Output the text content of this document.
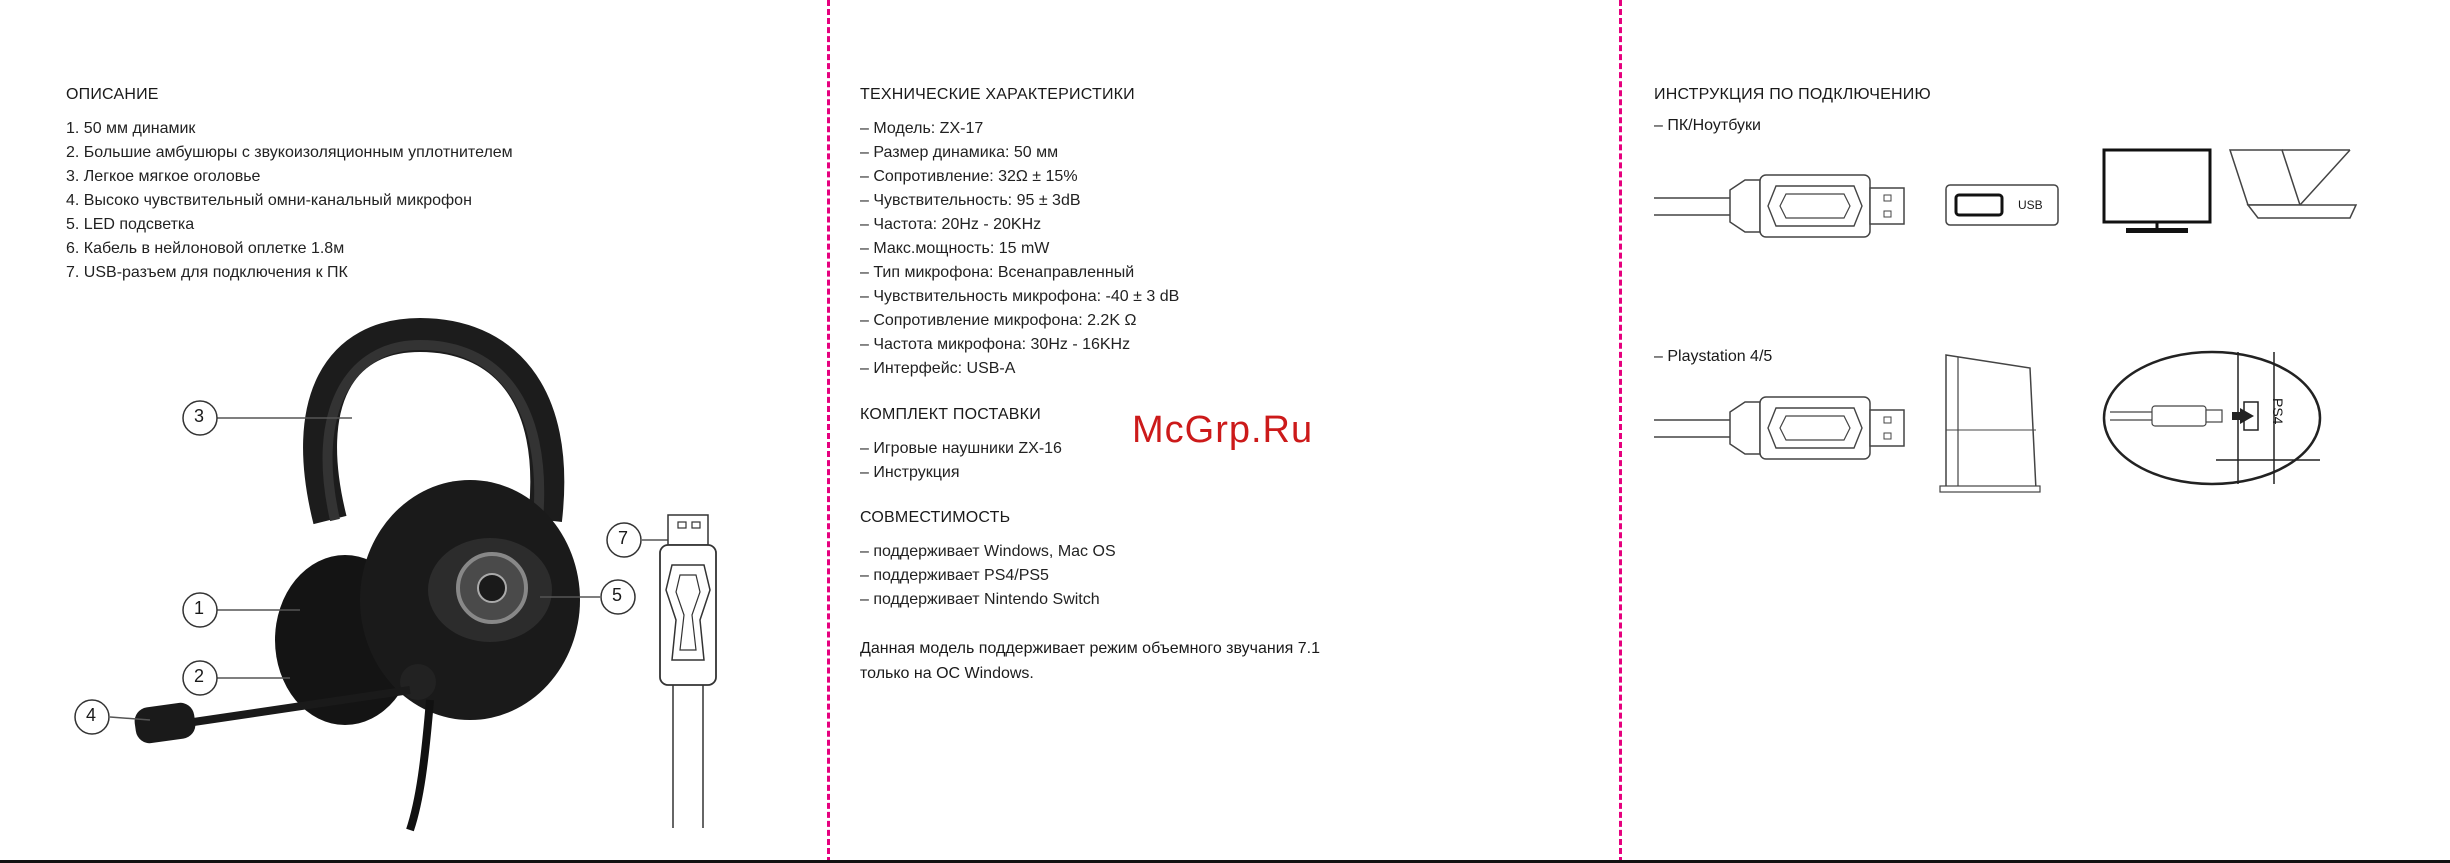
ОПИСАНИЕ
1. 50 мм динамик
2. Большие амбушюры с звукоизоляционным уплотнителем
3. Легкое мягкое оголовье
4. Высоко чувствительный омни-канальный микрофон
5. LED подсветка
6. Кабель в нейлоновой оплетке 1.8м
7. USB-разъем для подключения к ПК
3
1
2
4
7
5
ТЕХНИЧЕСКИЕ ХАРАКТЕРИСТИКИ
– Модель: ZX-17
– Размер динамика: 50 мм
– Сопротивление: 32Ω ± 15%
– Чувствительность: 95 ± 3dB
– Частота: 20Hz - 20KHz
– Макс.мощность: 15 mW
– Тип микрофона: Всенаправленный
– Чувствительность микрофона: -40 ± 3 dB
– Сопротивление микрофона: 2.2K Ω
– Частота микрофона: 30Hz - 16KHz
– Интерфейс: USB-A
КОМПЛЕКТ ПОСТАВКИ
– Игровые наушники ZX-16
– Инструкция
СОВМЕСТИМОСТЬ
– поддерживает Windows, Mac OS
– поддерживает PS4/PS5
– поддерживает Nintendo Switch
Данная модель поддерживает режим объемного звучания 7.1
только на ОС Windows.
McGrp.Ru
ИНСТРУКЦИЯ ПО ПОДКЛЮЧЕНИЮ
– ПК/Ноутбуки
– Playstation 4/5
USB
PS4
